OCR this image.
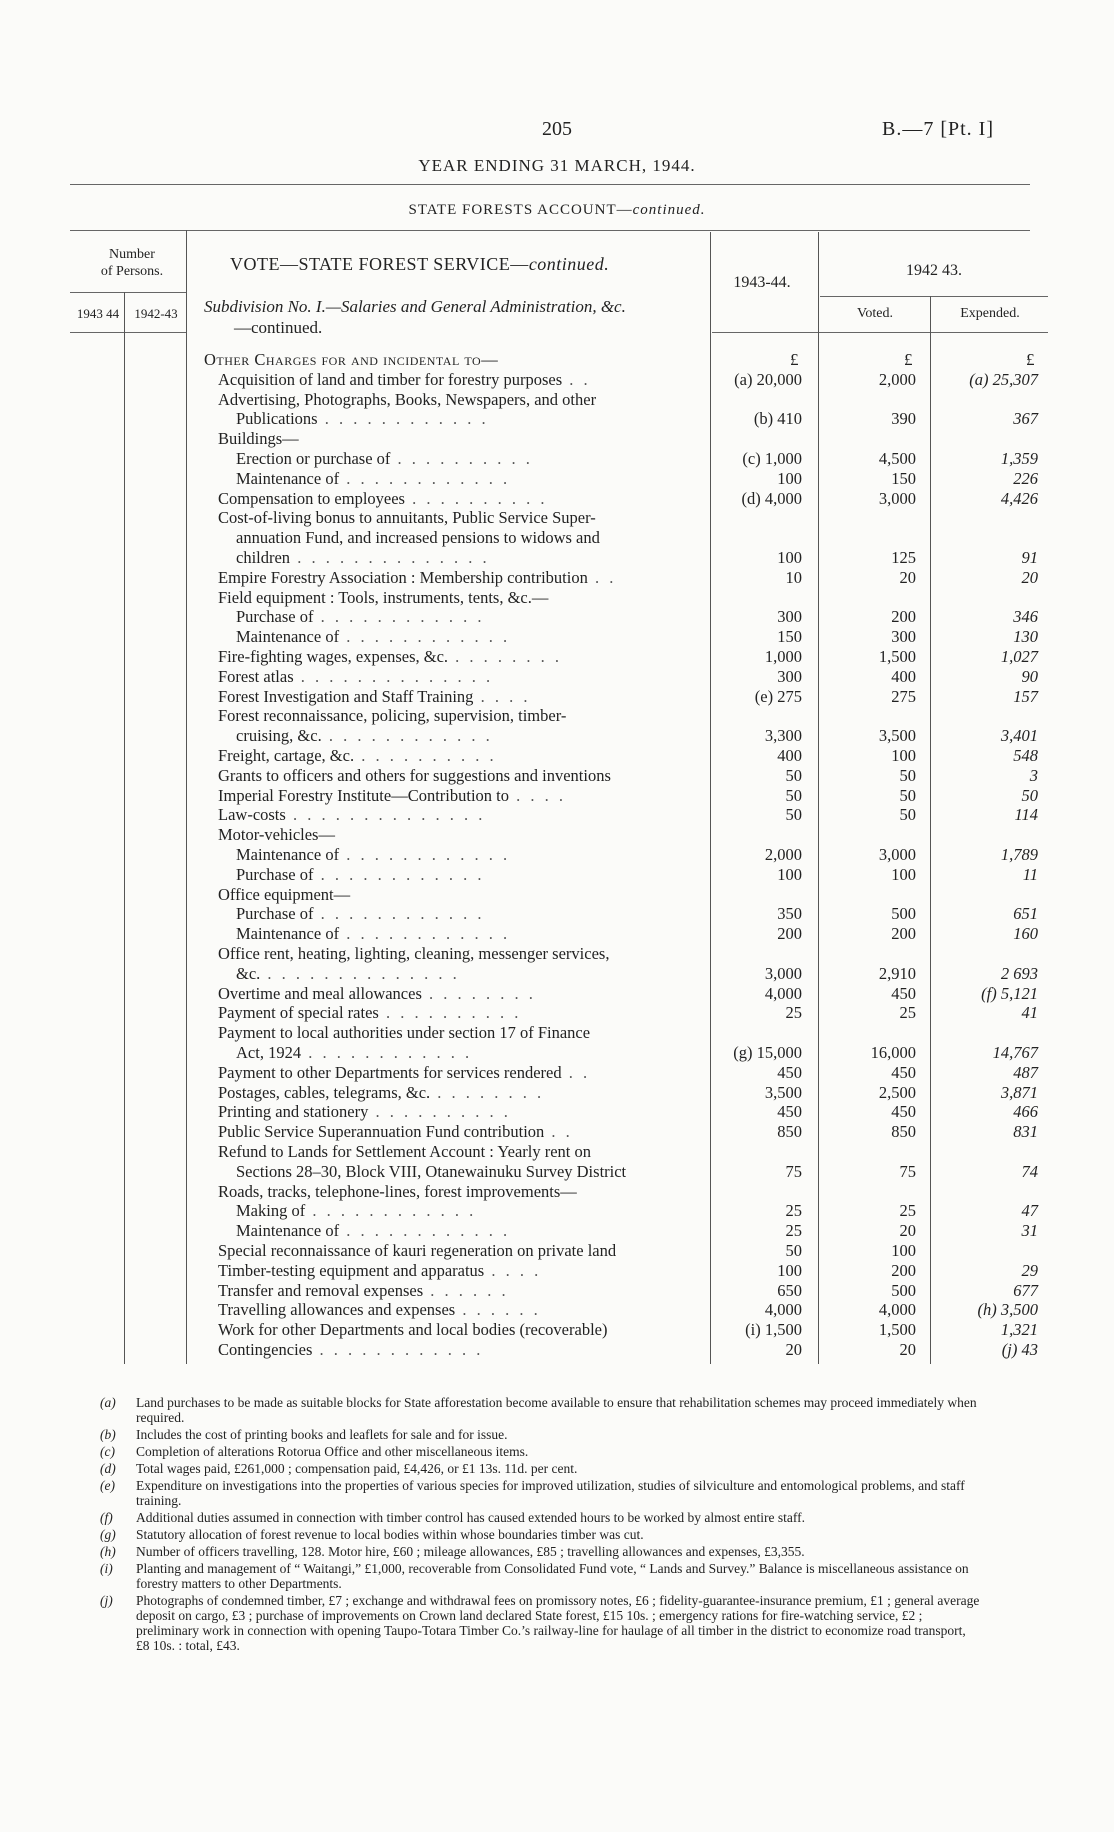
205	B.—7 [Pt. I]
YEAR ENDING 31 MARCH, 1944.
STATE FORESTS ACCOUNT—continued.
Number
of Persons.
1943 44	1942-43
VOTE—STATE FOREST SERVICE—continued.
Subdivision No. I.—Salaries and General Administration, &c.
—continued.
1943-44.
1942 43.
Voted.	Expended.
£	£	£
Other Charges for and incidental to—
Acquisition of land and timber for forestry purposes . .	(a) 20,000	2,000	(a) 25,307
Advertising, Photographs, Books, Newspapers, and other
Publications . . . . . . . . . . . .	(b) 410	390	367
Buildings—
Erection or purchase of . . . . . . . . . .	(c) 1,000	4,500	1,359
Maintenance of . . . . . . . . . . . .	100	150	226
Compensation to employees . . . . . . . . . .	(d) 4,000	3,000	4,426
Cost-of-living bonus to annuitants, Public Service Super-
annuation Fund, and increased pensions to widows and
children . . . . . . . . . . . . . .	100	125	91
Empire Forestry Association : Membership contribution . .	10	20	20
Field equipment : Tools, instruments, tents, &c.—
Purchase of . . . . . . . . . . . .	300	200	346
Maintenance of . . . . . . . . . . . .	150	300	130
Fire-fighting wages, expenses, &c. . . . . . . . .	1,000	1,500	1,027
Forest atlas . . . . . . . . . . . . . .	300	400	90
Forest Investigation and Staff Training . . . .	(e) 275	275	157
Forest reconnaissance, policing, supervision, timber-
cruising, &c. . . . . . . . . . . . .	3,300	3,500	3,401
Freight, cartage, &c. . . . . . . . . . .	400	100	548
Grants to officers and others for suggestions and inventions	50	50	3
Imperial Forestry Institute—Contribution to . . . .	50	50	50
Law-costs . . . . . . . . . . . . . .	50	50	114
Motor-vehicles—
Maintenance of . . . . . . . . . . . .	2,000	3,000	1,789
Purchase of . . . . . . . . . . . .	100	100	11
Office equipment—
Purchase of . . . . . . . . . . . .	350	500	651
Maintenance of . . . . . . . . . . . .	200	200	160
Office rent, heating, lighting, cleaning, messenger services,
&c. . . . . . . . . . . . . . .	3,000	2,910	2 693
Overtime and meal allowances . . . . . . . .	4,000	450	(f) 5,121
Payment of special rates . . . . . . . . . .	25	25	41
Payment to local authorities under section 17 of Finance
Act, 1924 . . . . . . . . . . . .	(g) 15,000	16,000	14,767
Payment to other Departments for services rendered . .	450	450	487
Postages, cables, telegrams, &c. . . . . . . . .	3,500	2,500	3,871
Printing and stationery . . . . . . . . . .	450	450	466
Public Service Superannuation Fund contribution . .	850	850	831
Refund to Lands for Settlement Account : Yearly rent on
Sections 28–30, Block VIII, Otanewainuku Survey District	75	75	74
Roads, tracks, telephone-lines, forest improvements—
Making of . . . . . . . . . . . .	25	25	47
Maintenance of . . . . . . . . . . . .	25	20	31
Special reconnaissance of kauri regeneration on private land	50	100
Timber-testing equipment and apparatus . . . .	100	200	29
Transfer and removal expenses . . . . . .	650	500	677
Travelling allowances and expenses . . . . . .	4,000	4,000	(h) 3,500
Work for other Departments and local bodies (recoverable)	(i) 1,500	1,500	1,321
Contingencies . . . . . . . . . . . .	20	20	(j) 43
(a) Land purchases to be made as suitable blocks for State afforestation become available to ensure that rehabilitation schemes may proceed immediately when required.
(b) Includes the cost of printing books and leaflets for sale and for issue.
(c) Completion of alterations Rotorua Office and other miscellaneous items.
(d) Total wages paid, £261,000 ; compensation paid, £4,426, or £1 13s. 11d. per cent.
(e) Expenditure on investigations into the properties of various species for improved utilization, studies of silviculture and entomological problems, and staff training.
(f) Additional duties assumed in connection with timber control has caused extended hours to be worked by almost entire staff.
(g) Statutory allocation of forest revenue to local bodies within whose boundaries timber was cut.
(h) Number of officers travelling, 128. Motor hire, £60 ; mileage allowances, £85 ; travelling allowances and expenses, £3,355.
(i) Planting and management of “ Waitangi,” £1,000, recoverable from Consolidated Fund vote, “ Lands and Survey.” Balance is miscellaneous assistance on forestry matters to other Departments.
(j) Photographs of condemned timber, £7 ; exchange and withdrawal fees on promissory notes, £6 ; fidelity-guarantee-insurance premium, £1 ; general average deposit on cargo, £3 ; purchase of improvements on Crown land declared State forest, £15 10s. ; emergency rations for fire-watching service, £2 ; preliminary work in connection with opening Taupo-Totara Timber Co.’s railway-line for haulage of all timber in the district to economize road transport, £8 10s. : total, £43.
